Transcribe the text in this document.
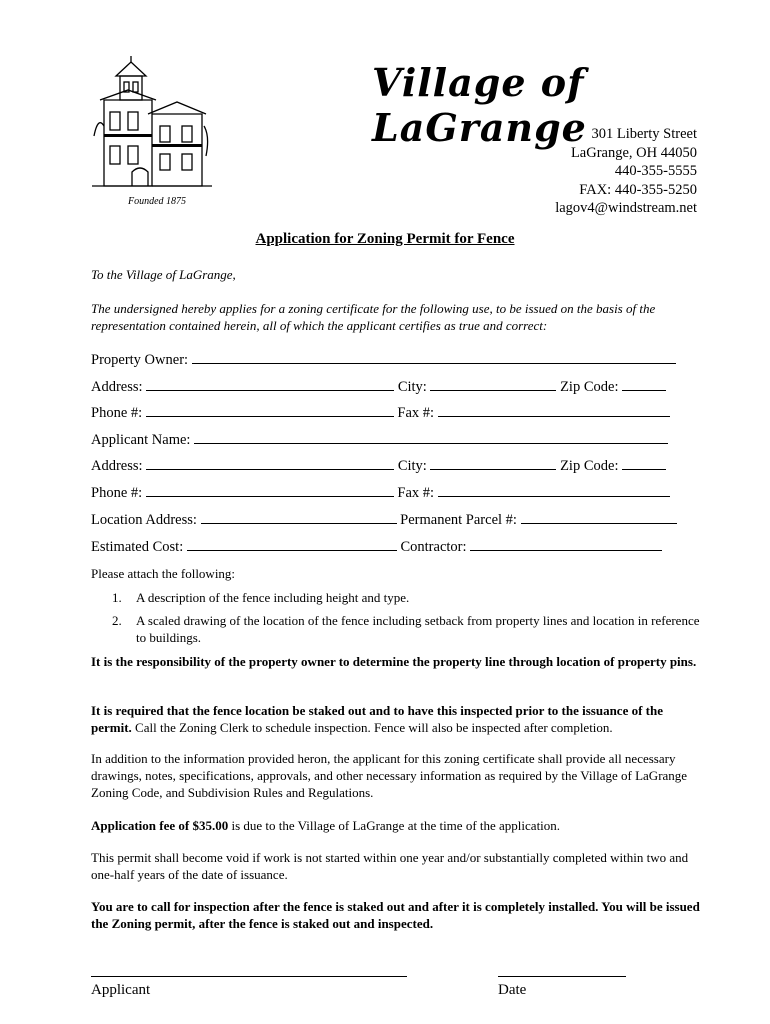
Founded 1875
Village of LaGrange 301 Liberty Street
LaGrange, OH 44050
440-355-5555
FAX: 440-355-5250
lagov4@windstream.net
Application for Zoning Permit for Fence
To the Village of LaGrange,
The undersigned hereby applies for a zoning certificate for the following use, to be issued on the basis of the representation contained herein, all of which the applicant certifies as true and correct:
Property Owner:
Address:	City:	Zip Code:
Phone #:	Fax #:
Applicant Name:
Address:	City:	Zip Code:
Phone #:	Fax #:
Location Address:	Permanent Parcel #:
Estimated Cost:	Contractor:
Please attach the following:
1. A description of the fence including height and type.
2. A scaled drawing of the location of the fence including setback from property lines and location in reference to buildings.
It is the responsibility of the property owner to determine the property line through location of property pins.
It is required that the fence location be staked out and to have this inspected prior to the issuance of the permit. Call the Zoning Clerk to schedule inspection. Fence will also be inspected after completion.
In addition to the information provided heron, the applicant for this zoning certificate shall provide all necessary drawings, notes, specifications, approvals, and other necessary information as required by the Village of LaGrange Zoning Code, and Subdivision Rules and Regulations.
Application fee of $35.00 is due to the Village of LaGrange at the time of the application.
This permit shall become void if work is not started within one year and/or substantially completed within two and one-half years of the date of issuance.
You are to call for inspection after the fence is staked out and after it is completely installed. You will be issued the Zoning permit, after the fence is staked out and inspected.
Applicant	Date
